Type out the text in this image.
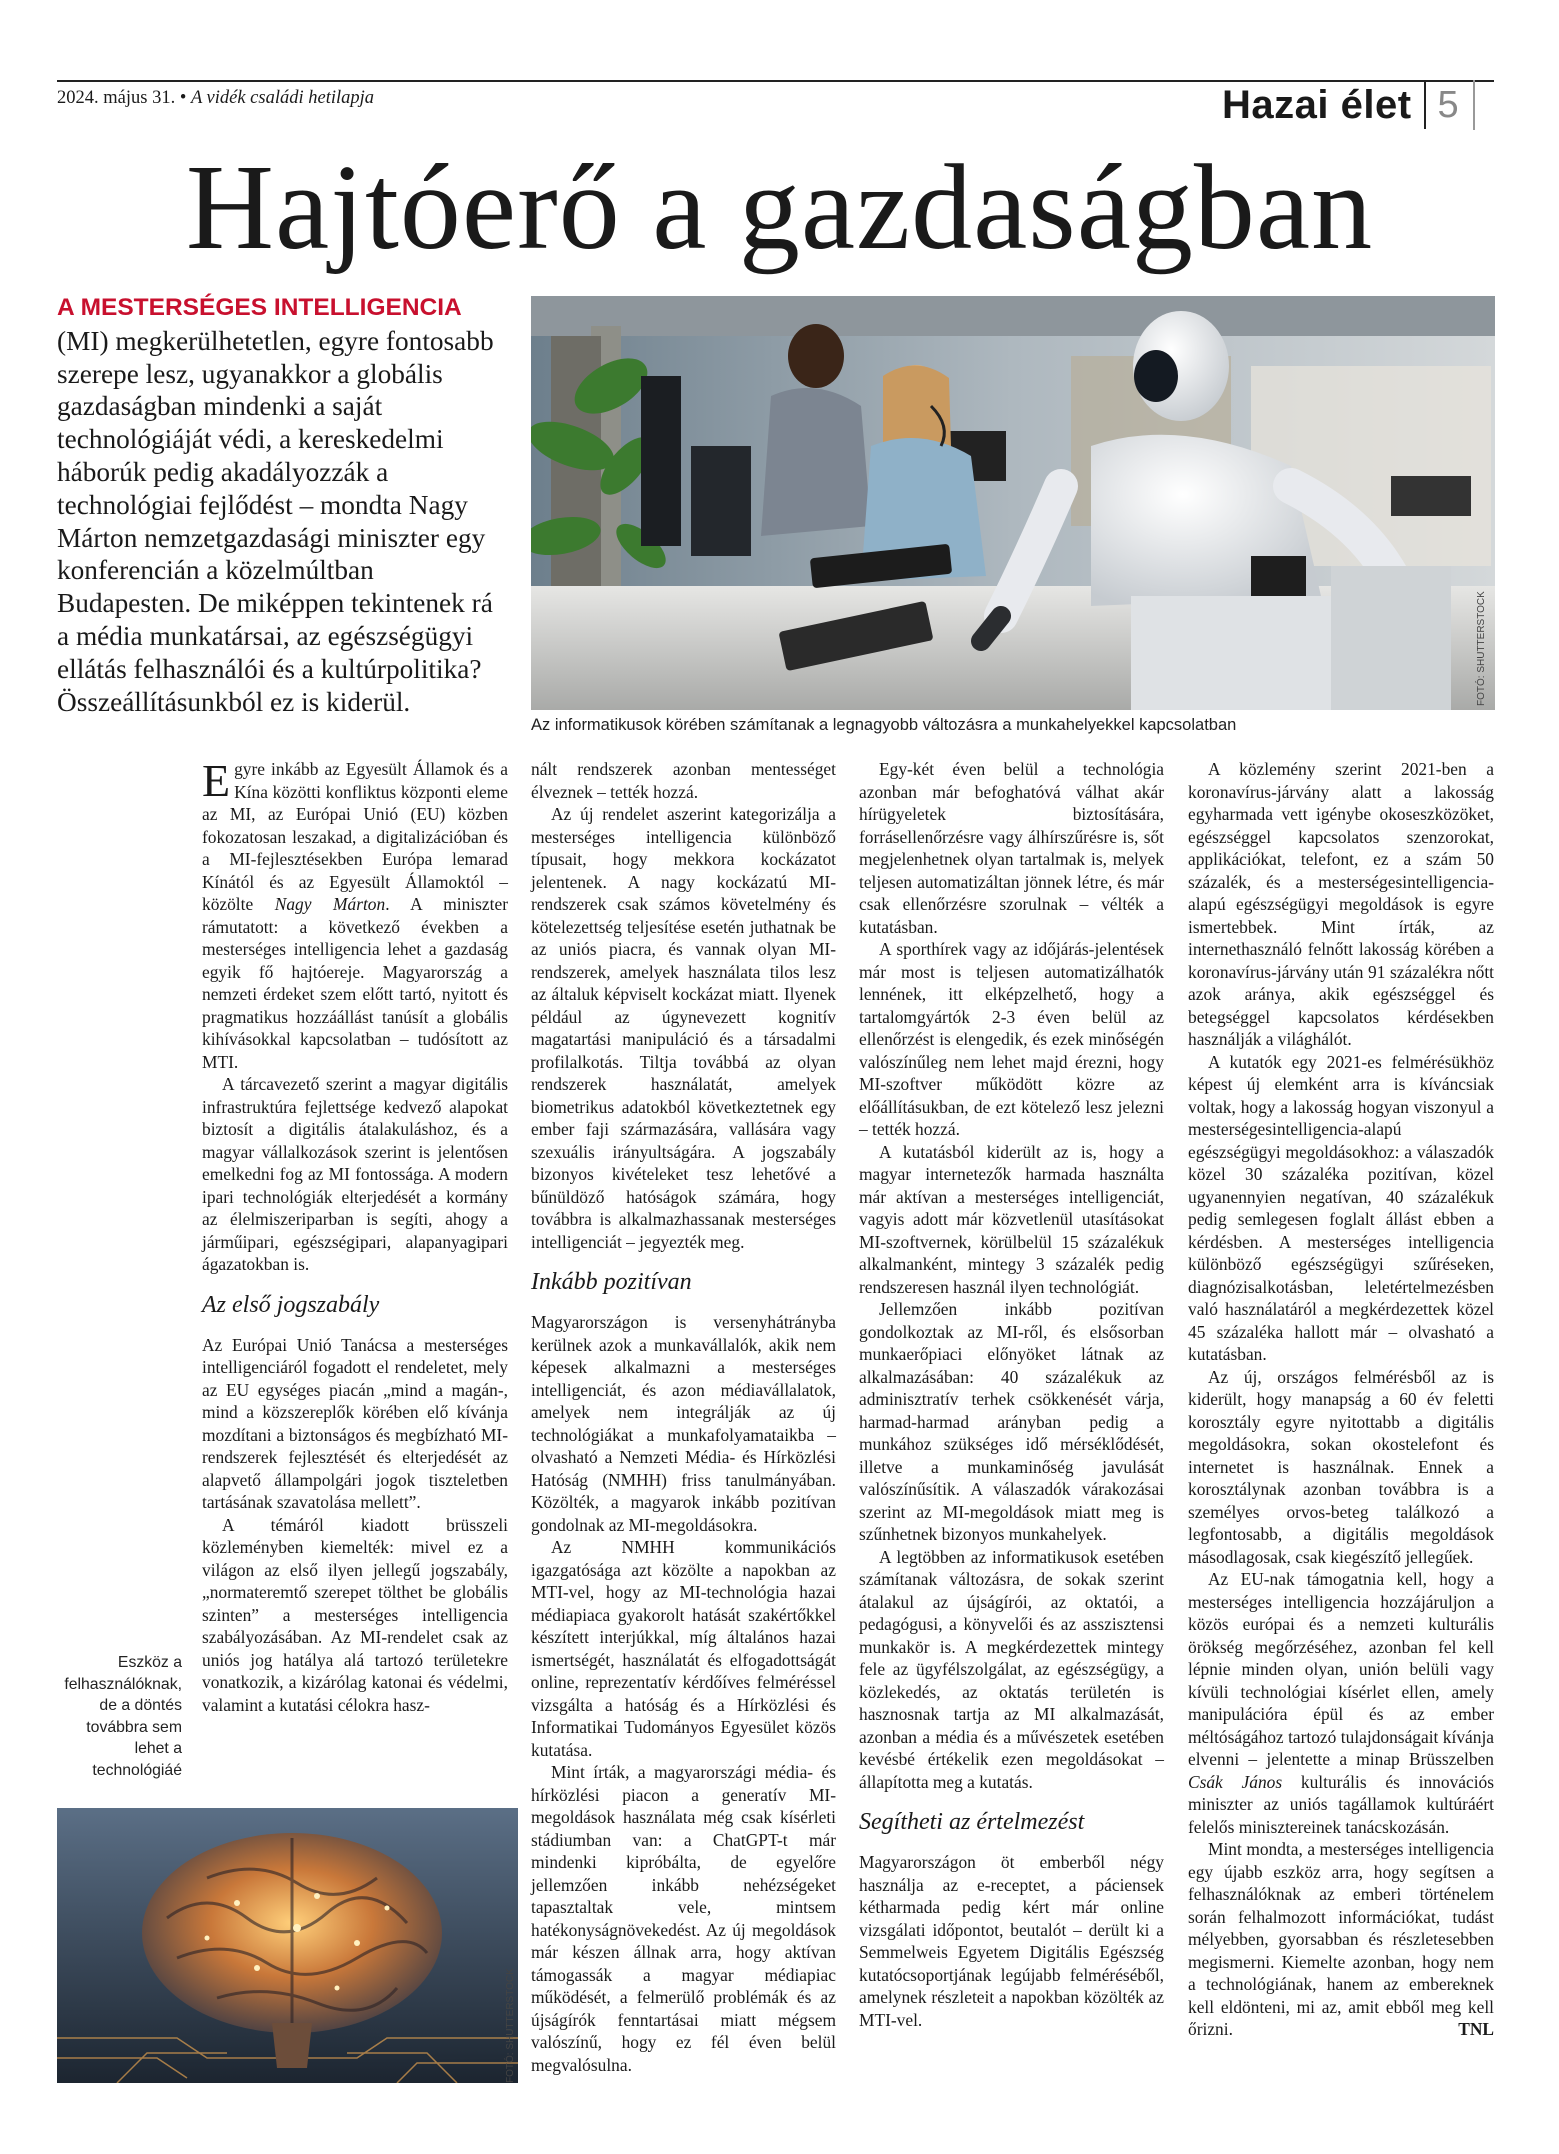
2024. május 31. • A vidék családi hetilapja	Hazai élet 5
Hajtóerő a gazdaságban
A MESTERSÉGES INTELLIGENCIA (MI) megkerülhetetlen, egyre fontosabb szerepe lesz, ugyanakkor a globális gazdaságban mindenki a saját technológiáját védi, a kereskedelmi háborúk pedig akadályozzák a technológiai fejlődést – mondta Nagy Márton nemzetgazdasági miniszter egy konferencián a közelmúltban Budapesten. De miképpen tekintenek rá a média munkatársai, az egészségügyi ellátás felhasználói és a kultúrpolitika? Összeállításunkból ez is kiderül.	FOTÓ: SHUTTERSTOCK
Az informatikusok körében számítanak a legnagyobb változásra a munkahelyekkel kapcsolatban

Egyre inkább az Egyesült Államok és a Kína közötti konfliktus központi eleme az MI, az Európai Unió (EU) közben fokozatosan leszakad, a digitalizációban és a MI-fejlesztésekben Európa lemarad Kínától és az Egyesült Államoktól – közölte Nagy Márton. A miniszter rámutatott: a következő években a mesterséges intelligencia lehet a gazdaság egyik fő hajtóereje. Magyarország a nemzeti érdeket szem előtt tartó, nyitott és pragmatikus hozzáállást tanúsít a globális kihívásokkal kapcsolatban – tudósított az MTI.

A tárcavezető szerint a magyar digitális infrastruktúra fejlettsége kedvező alapokat biztosít a digitális átalakuláshoz, és a magyar vállalkozások szerint is jelentősen emelkedni fog az MI fontossága. A modern ipari technológiák elterjedését a kormány az élelmiszeriparban is segíti, ahogy a járműipari, egészségipari, alapanyagipari ágazatokban is.

Az első jogszabály

Az Európai Unió Tanácsa a mesterséges intelligenciáról fogadott el rendeletet, mely az EU egységes piacán „mind a magán-, mind a közszereplők körében elő kívánja mozdítani a biztonságos és megbízható MI-rendszerek fejlesztését és elterjedését az alapvető állampolgári jogok tiszteletben tartásának szavatolása mellett”.

A témáról kiadott brüsszeli közleményben kiemelték: mivel ez a világon az első ilyen jellegű jogszabály, „normateremtő szerepet tölthet be globális szinten” a mesterséges intelligencia szabályozásában. Az MI-rendelet csak az uniós jog hatálya alá tartozó területekre vonatkozik, a kizárólag katonai és védelmi, valamint a kutatási célokra hasz-

Eszköz a felhasználóknak, de a döntés továbbra sem lehet a technológiáé
FOTÓ: SHUTTERSTOCK

nált rendszerek azonban mentességet élveznek – tették hozzá.

Az új rendelet aszerint kategorizálja a mesterséges intelligencia különböző típusait, hogy mekkora kockázatot jelentenek. A nagy kockázatú MI-rendszerek csak számos követelmény és kötelezettség teljesítése esetén juthatnak be az uniós piacra, és vannak olyan MI-rendszerek, amelyek használata tilos lesz az általuk képviselt kockázat miatt. Ilyenek például az úgynevezett kognitív magatartási manipuláció és a társadalmi profilalkotás. Tiltja továbbá az olyan rendszerek használatát, amelyek biometrikus adatokból következtetnek egy ember faji származására, vallására vagy szexuális irányultságára. A jogszabály bizonyos kivételeket tesz lehetővé a bűnüldöző hatóságok számára, hogy továbbra is alkalmazhassanak mesterséges intelligenciát – jegyezték meg.

Inkább pozitívan

Magyarországon is versenyhátrányba kerülnek azok a munkavállalók, akik nem képesek alkalmazni a mesterséges intelligenciát, és azon médiavállalatok, amelyek nem integrálják az új technológiákat a munkafolyamataikba – olvasható a Nemzeti Média- és Hírközlési Hatóság (NMHH) friss tanulmányában. Közölték, a magyarok inkább pozitívan gondolnak az MI-megoldásokra.

Az NMHH kommunikációs igazgatósága azt közölte a napokban az MTI-vel, hogy az MI-technológia hazai médiapiaca gyakorolt hatását szakértőkkel készített interjúkkal, míg általános hazai ismertségét, használatát és elfogadottságát online, reprezentatív kérdőíves felméréssel vizsgálta a hatóság és a Hírközlési és Informatikai Tudományos Egyesület közös kutatása.

Mint írták, a magyarországi média- és hírközlési piacon a generatív MI-megoldások használata még csak kísérleti stádiumban van: a ChatGPT-t már mindenki kipróbálta, de egyelőre jellemzően inkább nehézségeket tapasztaltak vele, mintsem hatékonyságnövekedést. Az új megoldások már készen állnak arra, hogy aktívan támogassák a magyar médiapiac működését, a felmerülő problémák és az újságírók fenntartásai miatt mégsem valószínű, hogy ez fél éven belül megvalósulna.

Egy-két éven belül a technológia azonban már befoghatóvá válhat akár hírügyeletek biztosítására, forrásellenőrzésre vagy álhírszűrésre is, sőt megjelenhetnek olyan tartalmak is, melyek teljesen automatizáltan jönnek létre, és már csak ellenőrzésre szorulnak – vélték a kutatásban.

A sporthírek vagy az időjárás-jelentések már most is teljesen automatizálhatók lennének, itt elképzelhető, hogy a tartalomgyártók 2-3 éven belül az ellenőrzést is elengedik, és ezek minőségén valószínűleg nem lehet majd érezni, hogy MI-szoftver működött közre az előállításukban, de ezt kötelező lesz jelezni – tették hozzá.

A kutatásból kiderült az is, hogy a magyar internetezők harmada használta már aktívan a mesterséges intelligenciát, vagyis adott már közvetlenül utasításokat MI-szoftvernek, körülbelül 15 százalékuk alkalmanként, mintegy 3 százalék pedig rendszeresen használ ilyen technológiát.

Jellemzően inkább pozitívan gondolkoztak az MI-ről, és elsősorban munkaerőpiaci előnyöket látnak az alkalmazásában: 40 százalékuk az adminisztratív terhek csökkenését várja, harmad-harmad arányban pedig a munkához szükséges idő mérséklődését, illetve a munkaminőség javulását valószínűsítik. A válaszadók várakozásai szerint az MI-megoldások miatt meg is szűnhetnek bizonyos munkahelyek.

A legtöbben az informatikusok esetében számítanak változásra, de sokak szerint átalakul az újságírói, az oktatói, a pedagógusi, a könyvelői és az asszisztensi munkakör is. A megkérdezettek mintegy fele az ügyfélszolgálat, az egészségügy, a közlekedés, az oktatás területén is hasznosnak tartja az MI alkalmazását, azonban a média és a művészetek esetében kevésbé értékelik ezen megoldásokat – állapította meg a kutatás.

Segítheti az értelmezést

Magyarországon öt emberből négy használja az e-receptet, a páciensek kétharmada pedig kért már online vizsgálati időpontot, beutalót – derült ki a Semmelweis Egyetem Digitális Egészség kutatócsoportjának legújabb felméréséből, amelynek részleteit a napokban közölték az MTI-vel.

A közlemény szerint 2021-ben a koronavírus-járvány alatt a lakosság egyharmada vett igénybe okoseszközöket, egészséggel kapcsolatos szenzorokat, applikációkat, telefont, ez a szám 50 százalék, és a mesterségesintelligencia-alapú egészségügyi megoldások is egyre ismertebbek. Mint írták, az internethasználó felnőtt lakosság körében a koronavírus-járvány után 91 százalékra nőtt azok aránya, akik egészséggel és betegséggel kapcsolatos kérdésekben használják a világhálót.

A kutatók egy 2021-es felmérésükhöz képest új elemként arra is kíváncsiak voltak, hogy a lakosság hogyan viszonyul a mesterségesintelligencia-alapú egészségügyi megoldásokhoz: a válaszadók közel 30 százaléka pozitívan, közel ugyanennyien negatívan, 40 százalékuk pedig semlegesen foglalt állást ebben a kérdésben. A mesterséges intelligencia különböző egészségügyi szűréseken, diagnózisalkotásban, leletértelmezésben való használatáról a megkérdezettek közel 45 százaléka hallott már – olvasható a kutatásban.

Az új, országos felmérésből az is kiderült, hogy manapság a 60 év feletti korosztály egyre nyitottabb a digitális megoldásokra, sokan okostelefont és internetet is használnak. Ennek a korosztálynak azonban továbbra is a személyes orvos-beteg találkozó a legfontosabb, a digitális megoldások másodlagosak, csak kiegészítő jellegűek.

Az EU-nak támogatnia kell, hogy a mesterséges intelligencia hozzájáruljon a közös európai és a nemzeti kulturális örökség megőrzéséhez, azonban fel kell lépnie minden olyan, unión belüli vagy kívüli technológiai kísérlet ellen, amely manipulációra épül és az ember méltóságához tartozó tulajdonságait kívánja elvenni – jelentette a minap Brüsszelben Csák János kulturális és innovációs miniszter az uniós tagállamok kultúráért felelős minisztereinek tanácskozásán.

Mint mondta, a mesterséges intelligencia egy újabb eszköz arra, hogy segítsen a felhasználóknak az emberi történelem során felhalmozott információkat, tudást mélyebben, gyorsabban és részletesebben megismerni. Kiemelte azonban, hogy nem a technológiának, hanem az embereknek kell eldönteni, mi az, amit ebből meg kell őrizni.	TNL
